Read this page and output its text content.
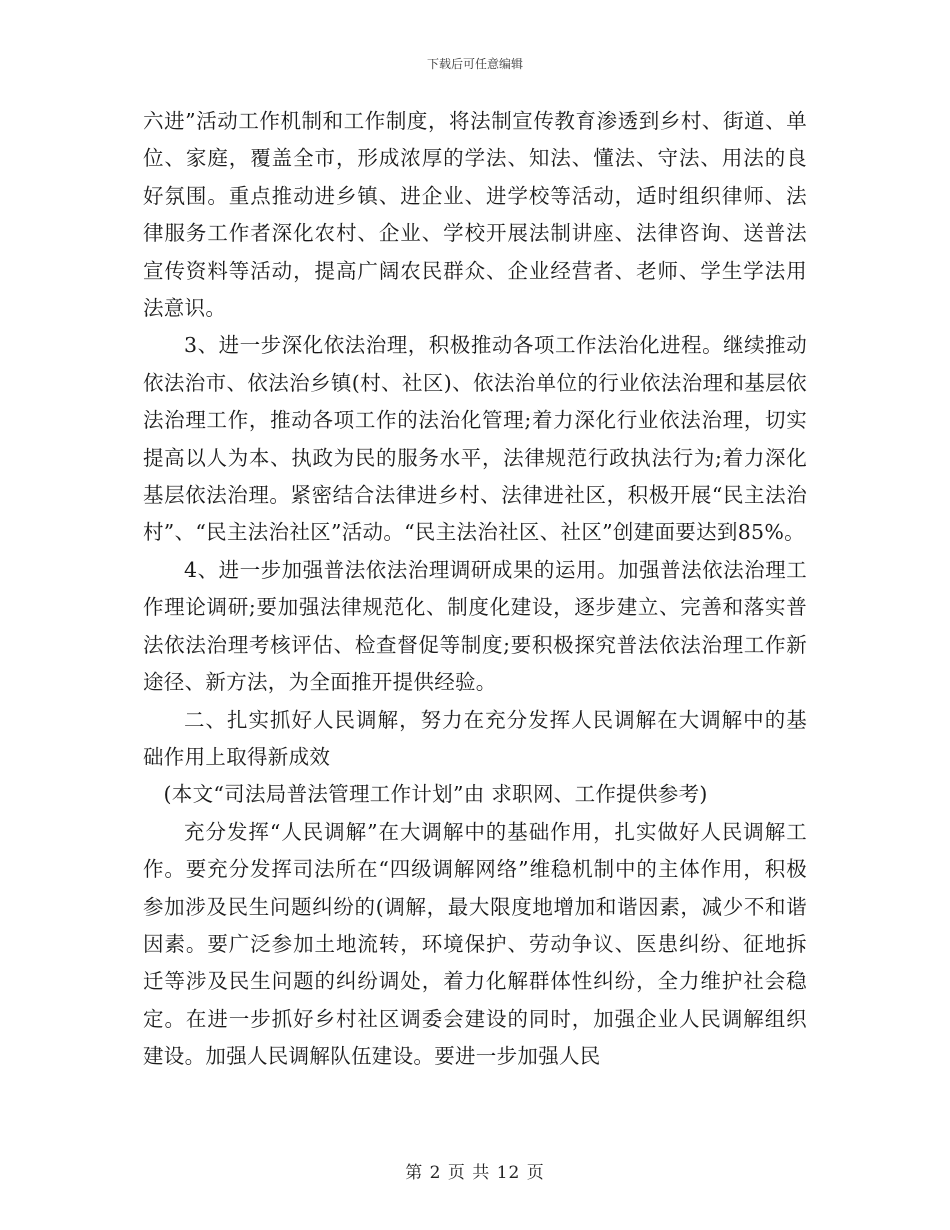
下载后可任意编辑

六进”活动工作机制和工作制度，将法制宣传教育渗透到乡村、街道、单位、家庭，覆盖全市，形成浓厚的学法、知法、懂法、守法、用法的良好氛围。重点推动进乡镇、进企业、进学校等活动，适时组织律师、法律服务工作者深化农村、企业、学校开展法制讲座、法律咨询、送普法宣传资料等活动，提高广阔农民群众、企业经营者、老师、学生学法用法意识。

3、进一步深化依法治理，积极推动各项工作法治化进程。继续推动依法治市、依法治乡镇(村、社区)、依法治单位的行业依法治理和基层依法治理工作，推动各项工作的法治化管理;着力深化行业依法治理，切实提高以人为本、执政为民的服务水平，法律规范行政执法行为;着力深化基层依法治理。紧密结合法律进乡村、法律进社区，积极开展“民主法治村”、“民主法治社区”活动。“民主法治社区、社区”创建面要达到85%。

4、进一步加强普法依法治理调研成果的运用。加强普法依法治理工作理论调研;要加强法律规范化、制度化建设，逐步建立、完善和落实普法依法治理考核评估、检查督促等制度;要积极探究普法依法治理工作新途径、新方法，为全面推开提供经验。

二、扎实抓好人民调解，努力在充分发挥人民调解在大调解中的基础作用上取得新成效

(本文“司法局普法管理工作计划”由 求职网、工作提供参考)

充分发挥“人民调解”在大调解中的基础作用，扎实做好人民调解工作。要充分发挥司法所在“四级调解网络”维稳机制中的主体作用，积极参加涉及民生问题纠纷的(调解，最大限度地增加和谐因素，减少不和谐因素。要广泛参加土地流转，环境保护、劳动争议、医患纠纷、征地拆迁等涉及民生问题的纠纷调处，着力化解群体性纠纷，全力维护社会稳定。在进一步抓好乡村社区调委会建设的同时，加强企业人民调解组织建设。加强人民调解队伍建设。要进一步加强人民

第 2 页 共 12 页
